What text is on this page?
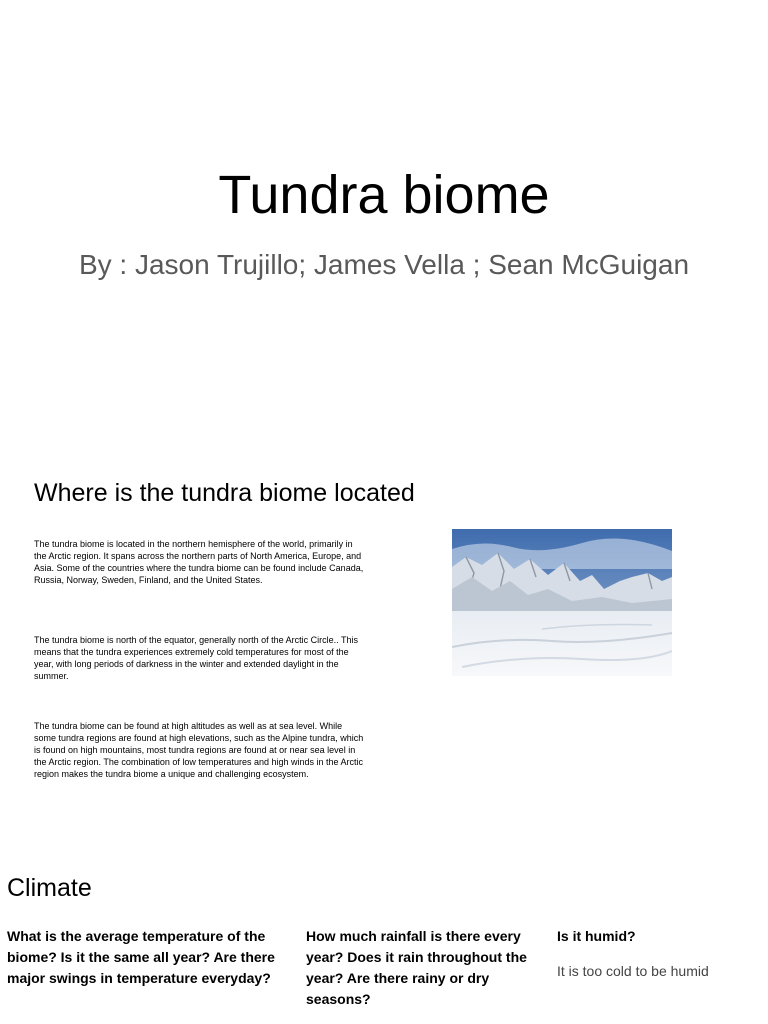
Tundra biome

By : Jason Trujillo; James Vella ; Sean McGuigan

Where is the tundra biome located

The tundra biome is located in the northern hemisphere of the world, primarily in the Arctic region. It spans across the northern parts of North America, Europe, and Asia. Some of the countries where the tundra biome can be found include Canada, Russia, Norway, Sweden, Finland, and the United States.

The tundra biome is north of the equator, generally north of the Arctic Circle.. This means that the tundra experiences extremely cold temperatures for most of the year, with long periods of darkness in the winter and extended daylight in the summer.

The tundra biome can be found at high altitudes as well as at sea level. While some tundra regions are found at high elevations, such as the Alpine tundra, which is found on high mountains, most tundra regions are found at or near sea level in the Arctic region. The combination of low temperatures and high winds in the Arctic region makes the tundra biome a unique and challenging ecosystem.

Climate

What is the average temperature of the biome? Is it the same all year? Are there major swings in temperature everyday?

How much rainfall is there every year? Does it rain throughout the year? Are there rainy or dry seasons?

Is it humid?

It is too cold to be humid
